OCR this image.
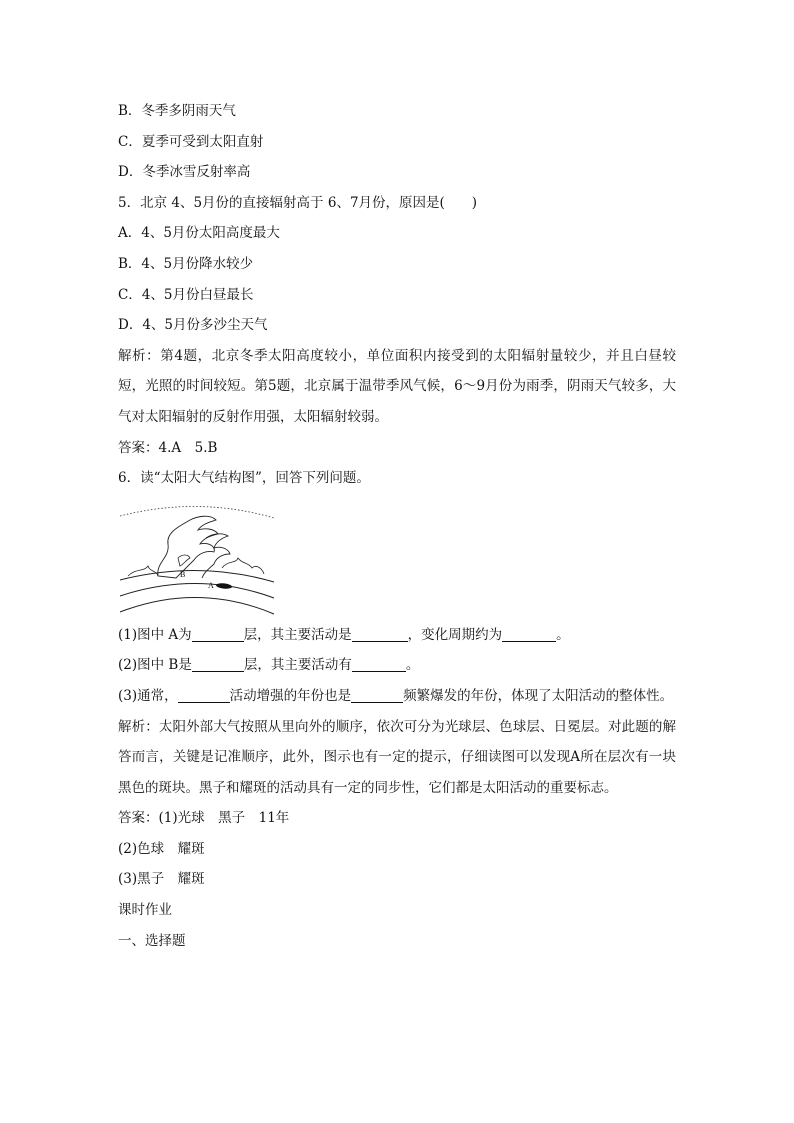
B．冬季多阴雨天气
C．夏季可受到太阳直射
D．冬季冰雪反射率高
5．北京 4、5月份的直接辐射高于 6、7月份，原因是(　　)
A．4、5月份太阳高度最大
B．4、5月份降水较少
C．4、5月份白昼最长
D．4、5月份多沙尘天气
解析：第4题，北京冬季太阳高度较小，单位面积内接受到的太阳辐射量较少，并且白昼较短，光照的时间较短。第5题，北京属于温带季风气候，6～9月份为雨季，阴雨天气较多，大气对太阳辐射的反射作用强，太阳辐射较弱。
答案：4.A　5.B
6．读“太阳大气结构图”，回答下列问题。
B
A
(1)图中 A为	层，其主要活动是	，变化周期约为	。
(2)图中 B是	层，其主要活动有	。
(3)通常，	活动增强的年份也是	频繁爆发的年份，体现了太阳活动的整体性。
解析：太阳外部大气按照从里向外的顺序，依次可分为光球层、色球层、日冕层。对此题的解答而言，关键是记准顺序，此外，图示也有一定的提示，仔细读图可以发现A所在层次有一块黑色的斑块。黑子和耀斑的活动具有一定的同步性，它们都是太阳活动的重要标志。
答案：(1)光球　黑子　11年
(2)色球　耀斑
(3)黑子　耀斑
课时作业
一、选择题
